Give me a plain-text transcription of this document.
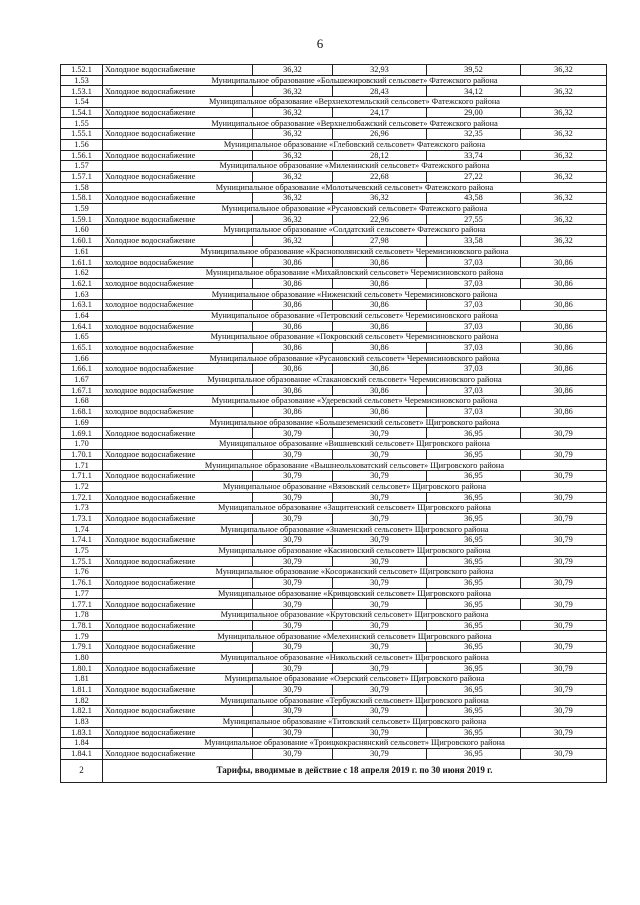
6
1.52.1	Холодное водоснабжение	36,32	32,93	39,52	36,32
1.53	Муниципальное образование «Большежировский сельсовет» Фатежского района				
1.53.1	Холодное водоснабжение	36,32	28,43	34,12	36,32
1.54	Муниципальное образование «Верхнехотемльский сельсовет» Фатежского района				
1.54.1	Холодное водоснабжение	36,32	24,17	29,00	36,32
1.55	Муниципальное образование «Верхнелюбажский сельсовет» Фатежского района				
1.55.1	Холодное водоснабжение	36,32	26,96	32,35	36,32
1.56	Муниципальное образование «Глебовский сельсовет» Фатежского района				
1.56.1	Холодное водоснабжение	36,32	28,12	33,74	36,32
1.57	Муниципальное образование «Миленинский сельсовет» Фатежского района				
1.57.1	Холодное водоснабжение	36,32	22,68	27,22	36,32
1.58	Муниципальное образование «Молотычевский сельсовет» Фатежского района				
1.58.1	Холодное водоснабжение	36,32	36,32	43,58	36,32
1.59	Муниципальное образование «Русановский сельсовет» Фатежского района				
1.59.1	Холодное водоснабжение	36,32	22,96	27,55	36,32
1.60	Муниципальное образование «Солдатский сельсовет» Фатежского района				
1.60.1	Холодное водоснабжение	36,32	27,98	33,58	36,32
1.61	Муниципальное образование «Краснополянский сельсовет» Черемисиновского района				
1.61.1	холодное водоснабжение	30,86	30,86	37,03	30,86
1.62	Муниципальное образование «Михайловский сельсовет» Черемисиновского района				
1.62.1	холодное водоснабжение	30,86	30,86	37,03	30,86
1.63	Муниципальное образование «Ниженский сельсовет» Черемисиновского района				
1.63.1	холодное водоснабжение	30,86	30,86	37,03	30,86
1.64	Муниципальное образование «Петровский сельсовет» Черемисиновского района				
1.64.1	холодное водоснабжение	30,86	30,86	37,03	30,86
1.65	Муниципальное образование «Покровский сельсовет» Черемисиновского района				
1.65.1	холодное водоснабжение	30,86	30,86	37,03	30,86
1.66	Муниципальное образование «Русановский сельсовет» Черемисиновского района				
1.66.1	холодное водоснабжение	30,86	30,86	37,03	30,86
1.67	Муниципальное образование «Стакановский сельсовет» Черемисиновского района				
1.67.1	холодное водоснабжение	30,86	30,86	37,03	30,86
1.68	Муниципальное образование «Удеревский сельсовет» Черемисиновского района				
1.68.1	холодное водоснабжение	30,86	30,86	37,03	30,86
1.69	Муниципальное образование «Большеземенский сельсовет» Щигровского района				
1.69.1	Холодное водоснабжение	30,79	30,79	36,95	30,79
1.70	Муниципальное образование «Вишневский сельсовет» Щигровского района				
1.70.1	Холодное водоснабжение	30,79	30,79	36,95	30,79
1.71	Муниципальное образование «Вышнеольховатский сельсовет» Щигровского района				
1.71.1	Холодное водоснабжение	30,79	30,79	36,95	30,79
1.72	Муниципальное образование «Вязовский сельсовет» Щигровского района				
1.72.1	Холодное водоснабжение	30,79	30,79	36,95	30,79
1.73	Муниципальное образование «Защитенский сельсовет» Щигровского района				
1.73.1	Холодное водоснабжение	30,79	30,79	36,95	30,79
1.74	Муниципальное образование «Знаменский сельсовет» Щигровского района				
1.74.1	Холодное водоснабжение	30,79	30,79	36,95	30,79
1.75	Муниципальное образование «Касиновский сельсовет» Щигровского района				
1.75.1	Холодное водоснабжение	30,79	30,79	36,95	30,79
1.76	Муниципальное образование «Косоржанский сельсовет» Щигровского района				
1.76.1	Холодное водоснабжение	30,79	30,79	36,95	30,79
1.77	Муниципальное образование «Кривцовский сельсовет» Щигровского района				
1.77.1	Холодное водоснабжение	30,79	30,79	36,95	30,79
1.78	Муниципальное образование «Крутовский сельсовет» Щигровского района				
1.78.1	Холодное водоснабжение	30,79	30,79	36,95	30,79
1.79	Муниципальное образование «Мелехинский сельсовет» Щигровского района				
1.79.1	Холодное водоснабжение	30,79	30,79	36,95	30,79
1.80	Муниципальное образование «Никольский сельсовет» Щигровского района				
1.80.1	Холодное водоснабжение	30,79	30,79	36,95	30,79
1.81	Муниципальное образование «Озерский сельсовет» Щигровского района				
1.81.1	Холодное водоснабжение	30,79	30,79	36,95	30,79
1.82	Муниципальное образование «Тербужский сельсовет» Щигровского района				
1.82.1	Холодное водоснабжение	30,79	30,79	36,95	30,79
1.83	Муниципальное образование «Титовский сельсовет» Щигровского района				
1.83.1	Холодное водоснабжение	30,79	30,79	36,95	30,79
1.84	Муниципальное образование «Троицкокраснянский сельсовет» Щигровского района				
1.84.1	Холодное водоснабжение	30,79	30,79	36,95	30,79
2	Тарифы, вводимые в действие с 18 апреля 2019 г. по 30 июня 2019 г.				
